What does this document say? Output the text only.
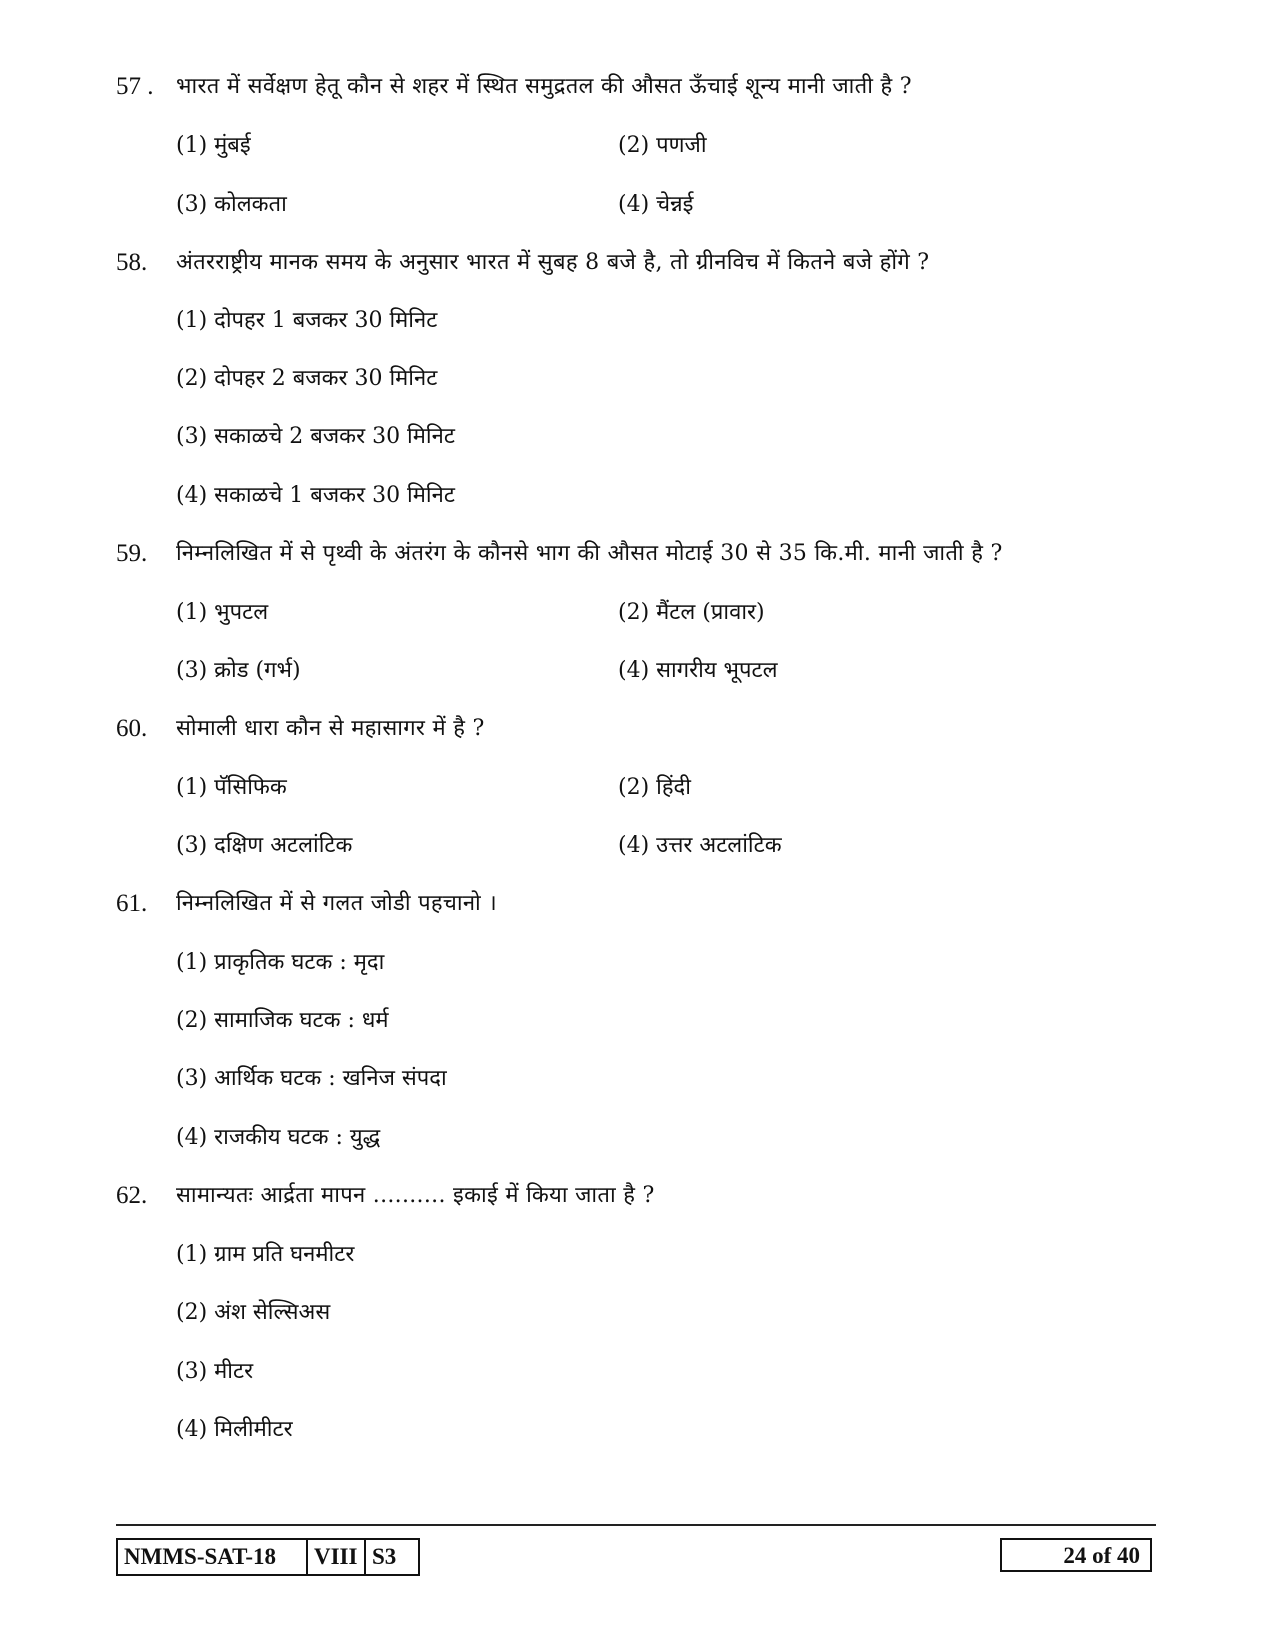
57 . भारत में सर्वेक्षण हेतू कौन से शहर में स्थित समुद्रतल की औसत ऊँचाई शून्य मानी जाती है ?
(1) मुंबई	(2) पणजी
(3) कोलकता	(4) चेन्नई
58. अंतरराष्ट्रीय मानक समय के अनुसार भारत में सुबह 8 बजे है, तो ग्रीनविच में कितने बजे होंगे ?
(1) दोपहर 1 बजकर 30 मिनिट
(2) दोपहर 2 बजकर 30 मिनिट
(3) सकाळचे 2 बजकर 30 मिनिट
(4) सकाळचे 1 बजकर 30 मिनिट
59. निम्नलिखित में से पृथ्वी के अंतरंग के कौनसे भाग की औसत मोटाई 30 से 35 कि.मी. मानी जाती है ?
(1) भुपटल	(2) मैंटल (प्रावार)
(3) क्रोड (गर्भ)	(4) सागरीय भूपटल
60. सोमाली धारा कौन से महासागर में है ?
(1) पॅसिफिक	(2) हिंदी
(3) दक्षिण अटलांटिक	(4) उत्तर अटलांटिक
61. निम्नलिखित में से गलत जोडी पहचानो ।
(1) प्राकृतिक घटक : मृदा
(2) सामाजिक घटक : धर्म
(3) आर्थिक घटक : खनिज संपदा
(4) राजकीय घटक : युद्ध
62. सामान्यतः आर्द्रता मापन .......... इकाई में किया जाता है ?
(1) ग्राम प्रति घनमीटर
(2) अंश सेल्सिअस
(3) मीटर
(4) मिलीमीटर
NMMS-SAT-18	VIII S3	24 of 40
